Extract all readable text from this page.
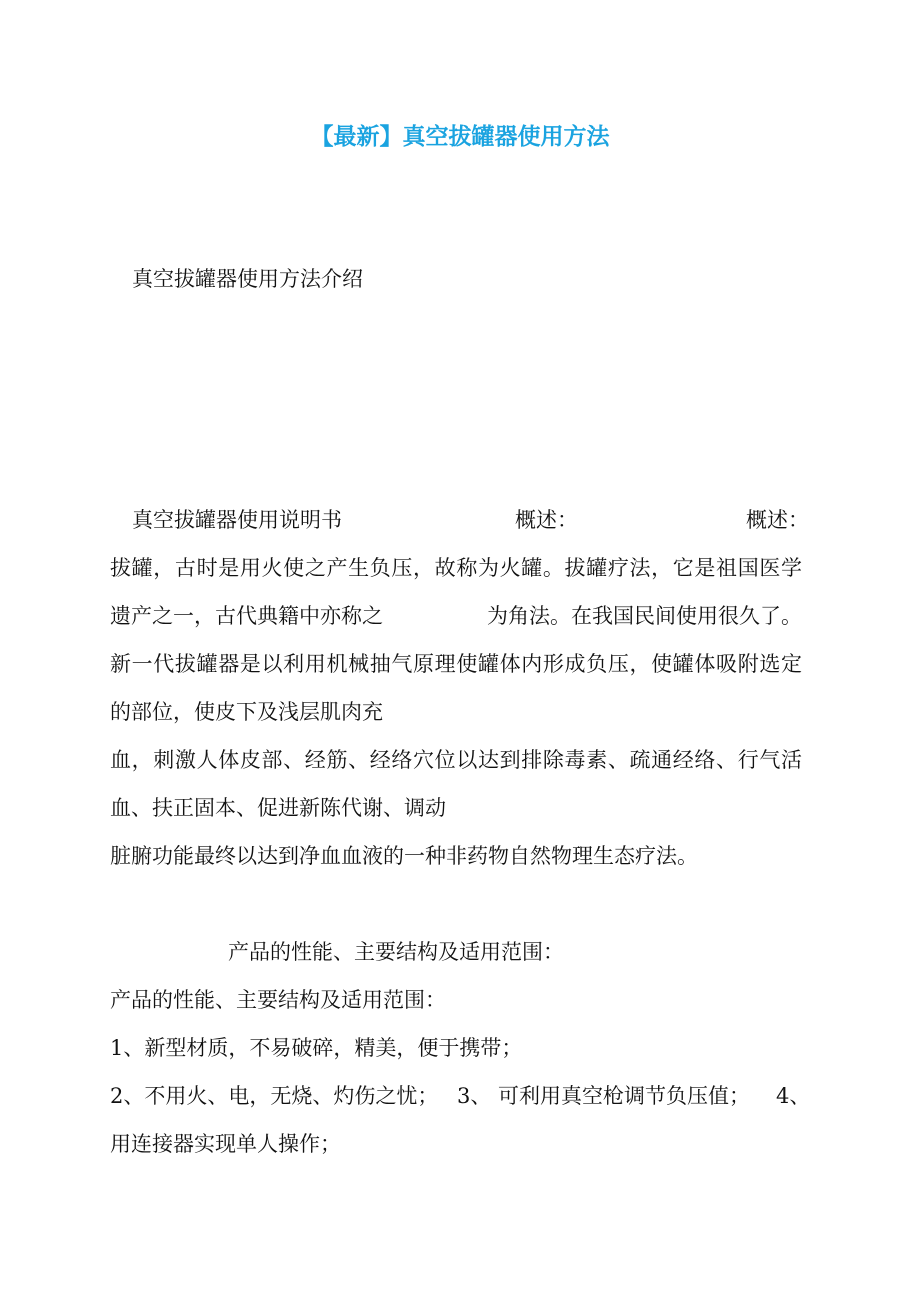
【最新】真空拔罐器使用方法
真空拔罐器使用方法介绍
真空拔罐器使用说明书	概述：	概述：
拔罐，古时是用火使之产生负压，故称为火罐。拔罐疗法，它是祖国医学
遗产之一，古代典籍中亦称之	为角法。在我国民间使用很久了。
新一代拔罐器是以利用机械抽气原理使罐体内形成负压，使罐体吸附选定
的部位，使皮下及浅层肌肉充
血，刺激人体皮部、经筋、经络穴位以达到排除毒素、疏通经络、行气活
血、扶正固本、促进新陈代谢、调动
脏腑功能最终以达到净血血液的一种非药物自然物理生态疗法。
产品的性能、主要结构及适用范围：
产品的性能、主要结构及适用范围：
1、新型材质，不易破碎，精美，便于携带；
2、不用火、电，无烧、灼伤之忧； 3、 可利用真空枪调节负压值； 4、
用连接器实现单人操作；
